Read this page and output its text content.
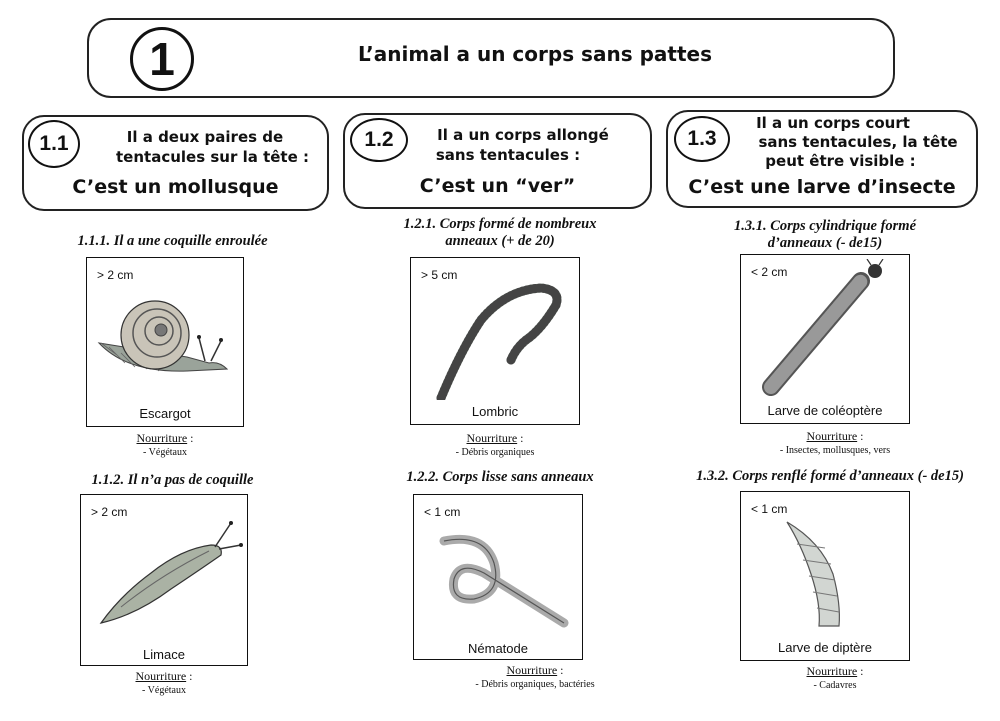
1	L’animal a un corps sans pattes
1.1	Il a deux paires de
tentacules sur la tête :
C’est un mollusque
1.2	Il a un corps allongé
sans tentacules :
C’est un “ver”
1.3
Il a un corps court
sans tentacules, la tête
peut être visible :
C’est une larve d’insecte
1.1.1. Il a une coquille enroulée
> 2 cm
Escargot
Nourriture :
- Végétaux
1.1.2. Il n’a pas de coquille
> 2 cm
Limace
Nourriture :
- Végétaux
1.2.1. Corps formé de nombreux
anneaux (+ de 20)
> 5 cm
Lombric
Nourriture :
- Débris organiques
1.2.2. Corps lisse sans anneaux
< 1 cm
Nématode
Nourriture :
- Débris organiques, bactéries
1.3.1. Corps cylindrique formé
d’anneaux (- de15)
< 2 cm
Larve de coléoptère
Nourriture :
- Insectes, mollusques, vers
1.3.2. Corps renflé formé d’anneaux (- de15)
< 1 cm
Larve de diptère
Nourriture :
- Cadavres
